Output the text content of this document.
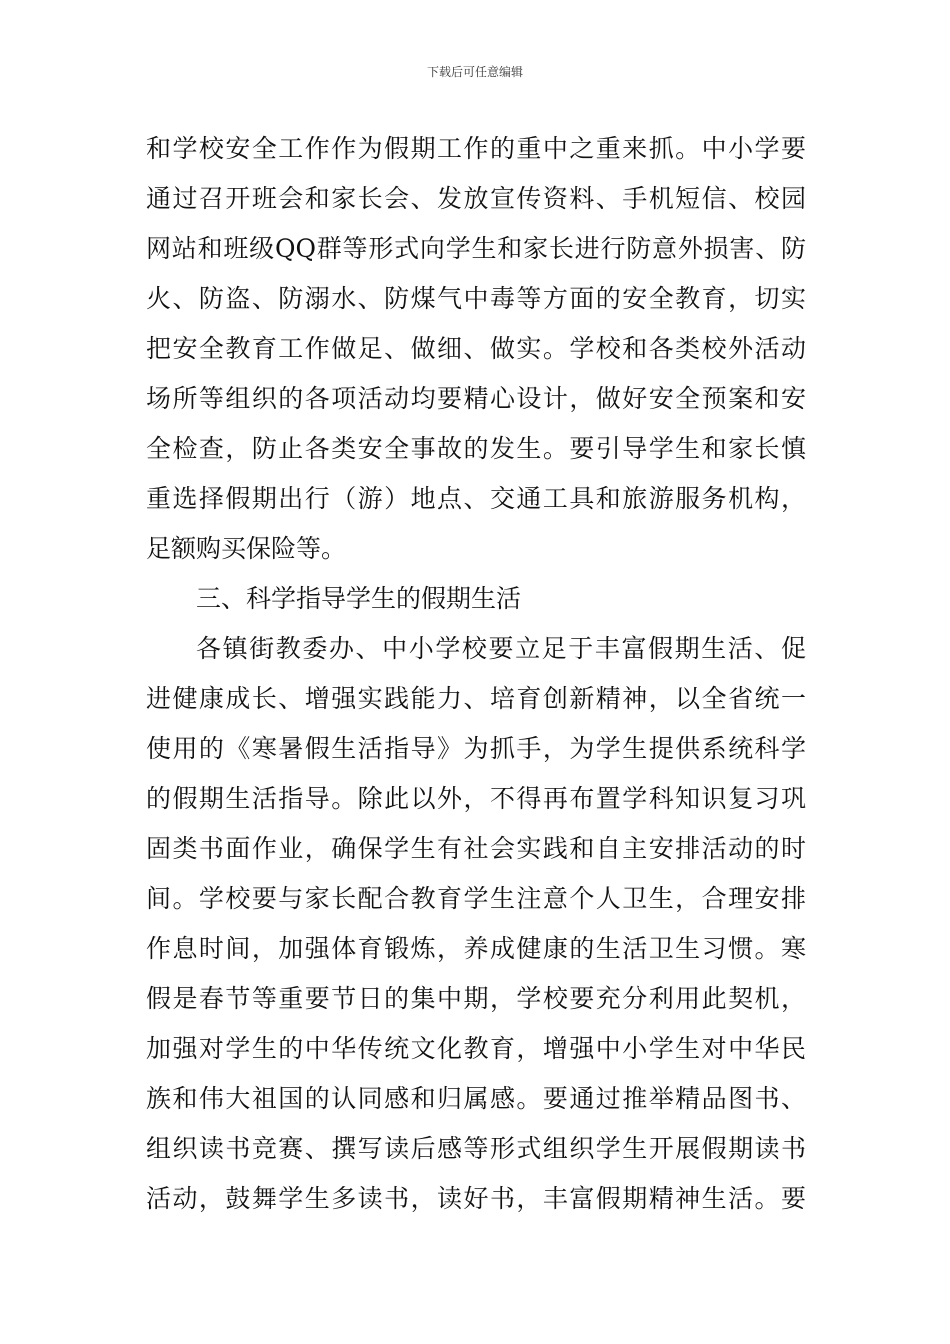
下载后可任意编辑

和学校安全工作作为假期工作的重中之重来抓。中小学要

通过召开班会和家长会、发放宣传资料、手机短信、校园

网站和班级QQ群等形式向学生和家长进行防意外损害、防

火、防盗、防溺水、防煤气中毒等方面的安全教育，切实

把安全教育工作做足、做细、做实。学校和各类校外活动

场所等组织的各项活动均要精心设计，做好安全预案和安

全检查，防止各类安全事故的发生。要引导学生和家长慎

重选择假期出行（游）地点、交通工具和旅游服务机构，

足额购买保险等。

三、科学指导学生的假期生活

各镇街教委办、中小学校要立足于丰富假期生活、促

进健康成长、增强实践能力、培育创新精神，以全省统一

使用的《寒暑假生活指导》为抓手，为学生提供系统科学

的假期生活指导。除此以外，不得再布置学科知识复习巩

固类书面作业，确保学生有社会实践和自主安排活动的时

间。学校要与家长配合教育学生注意个人卫生，合理安排

作息时间，加强体育锻炼，养成健康的生活卫生习惯。寒

假是春节等重要节日的集中期，学校要充分利用此契机，

加强对学生的中华传统文化教育，增强中小学生对中华民

族和伟大祖国的认同感和归属感。要通过推举精品图书、

组织读书竞赛、撰写读后感等形式组织学生开展假期读书

活动，鼓舞学生多读书，读好书，丰富假期精神生活。要
